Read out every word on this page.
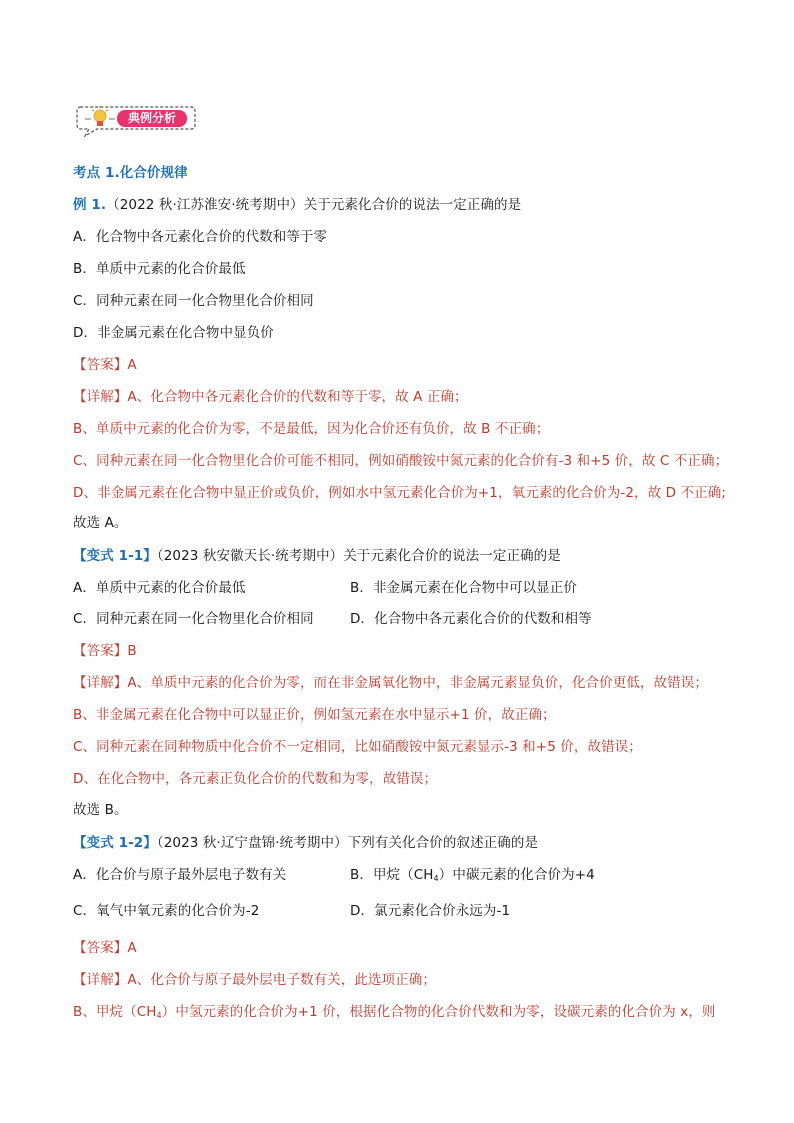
典例分析
考点 1.化合价规律
例 1.（2022 秋·江苏淮安·统考期中）关于元素化合价的说法一定正确的是
A．化合物中各元素化合价的代数和等于零
B．单质中元素的化合价最低
C．同种元素在同一化合物里化合价相同
D．非金属元素在化合物中显负价
【答案】A
【详解】A、化合物中各元素化合价的代数和等于零，故 A 正确；
B、单质中元素的化合价为零，不是最低，因为化合价还有负价，故 B 不正确；
C、同种元素在同一化合物里化合价可能不相同，例如硝酸铵中氮元素的化合价有-3 和+5 价，故 C 不正确；
D、非金属元素在化合物中显正价或负价，例如水中氢元素化合价为+1，氧元素的化合价为-2，故 D 不正确;
故选 A。
【变式 1-1】（2023 秋安徽天长·统考期中）关于元素化合价的说法一定正确的是
A．单质中元素的化合价最低	B．非金属元素在化合物中可以显正价
C．同种元素在同一化合物里化合价相同	D．化合物中各元素化合价的代数和相等
【答案】B
【详解】A、单质中元素的化合价为零，而在非金属氧化物中，非金属元素显负价，化合价更低，故错误；
B、非金属元素在化合物中可以显正价，例如氢元素在水中显示+1 价，故正确；
C、同种元素在同种物质中化合价不一定相同，比如硝酸铵中氮元素显示-3 和+5 价，故错误；
D、在化合物中，各元素正负化合价的代数和为零，故错误；
故选 B。
【变式 1-2】（2023 秋·辽宁盘锦·统考期中）下列有关化合价的叙述正确的是
A．化合价与原子最外层电子数有关	B．甲烷$(CH_4)$中碳元素的化合价为+4
C．氧气中氧元素的化合价为-2	D．氯元素化合价永远为-1
【答案】A
【详解】A、化合价与原子最外层电子数有关，此选项正确；
B、甲烷$(CH_4)$中氢元素的化合价为+1 价，根据化合物的化合价代数和为零，设碳元素的化合价为 x，则
